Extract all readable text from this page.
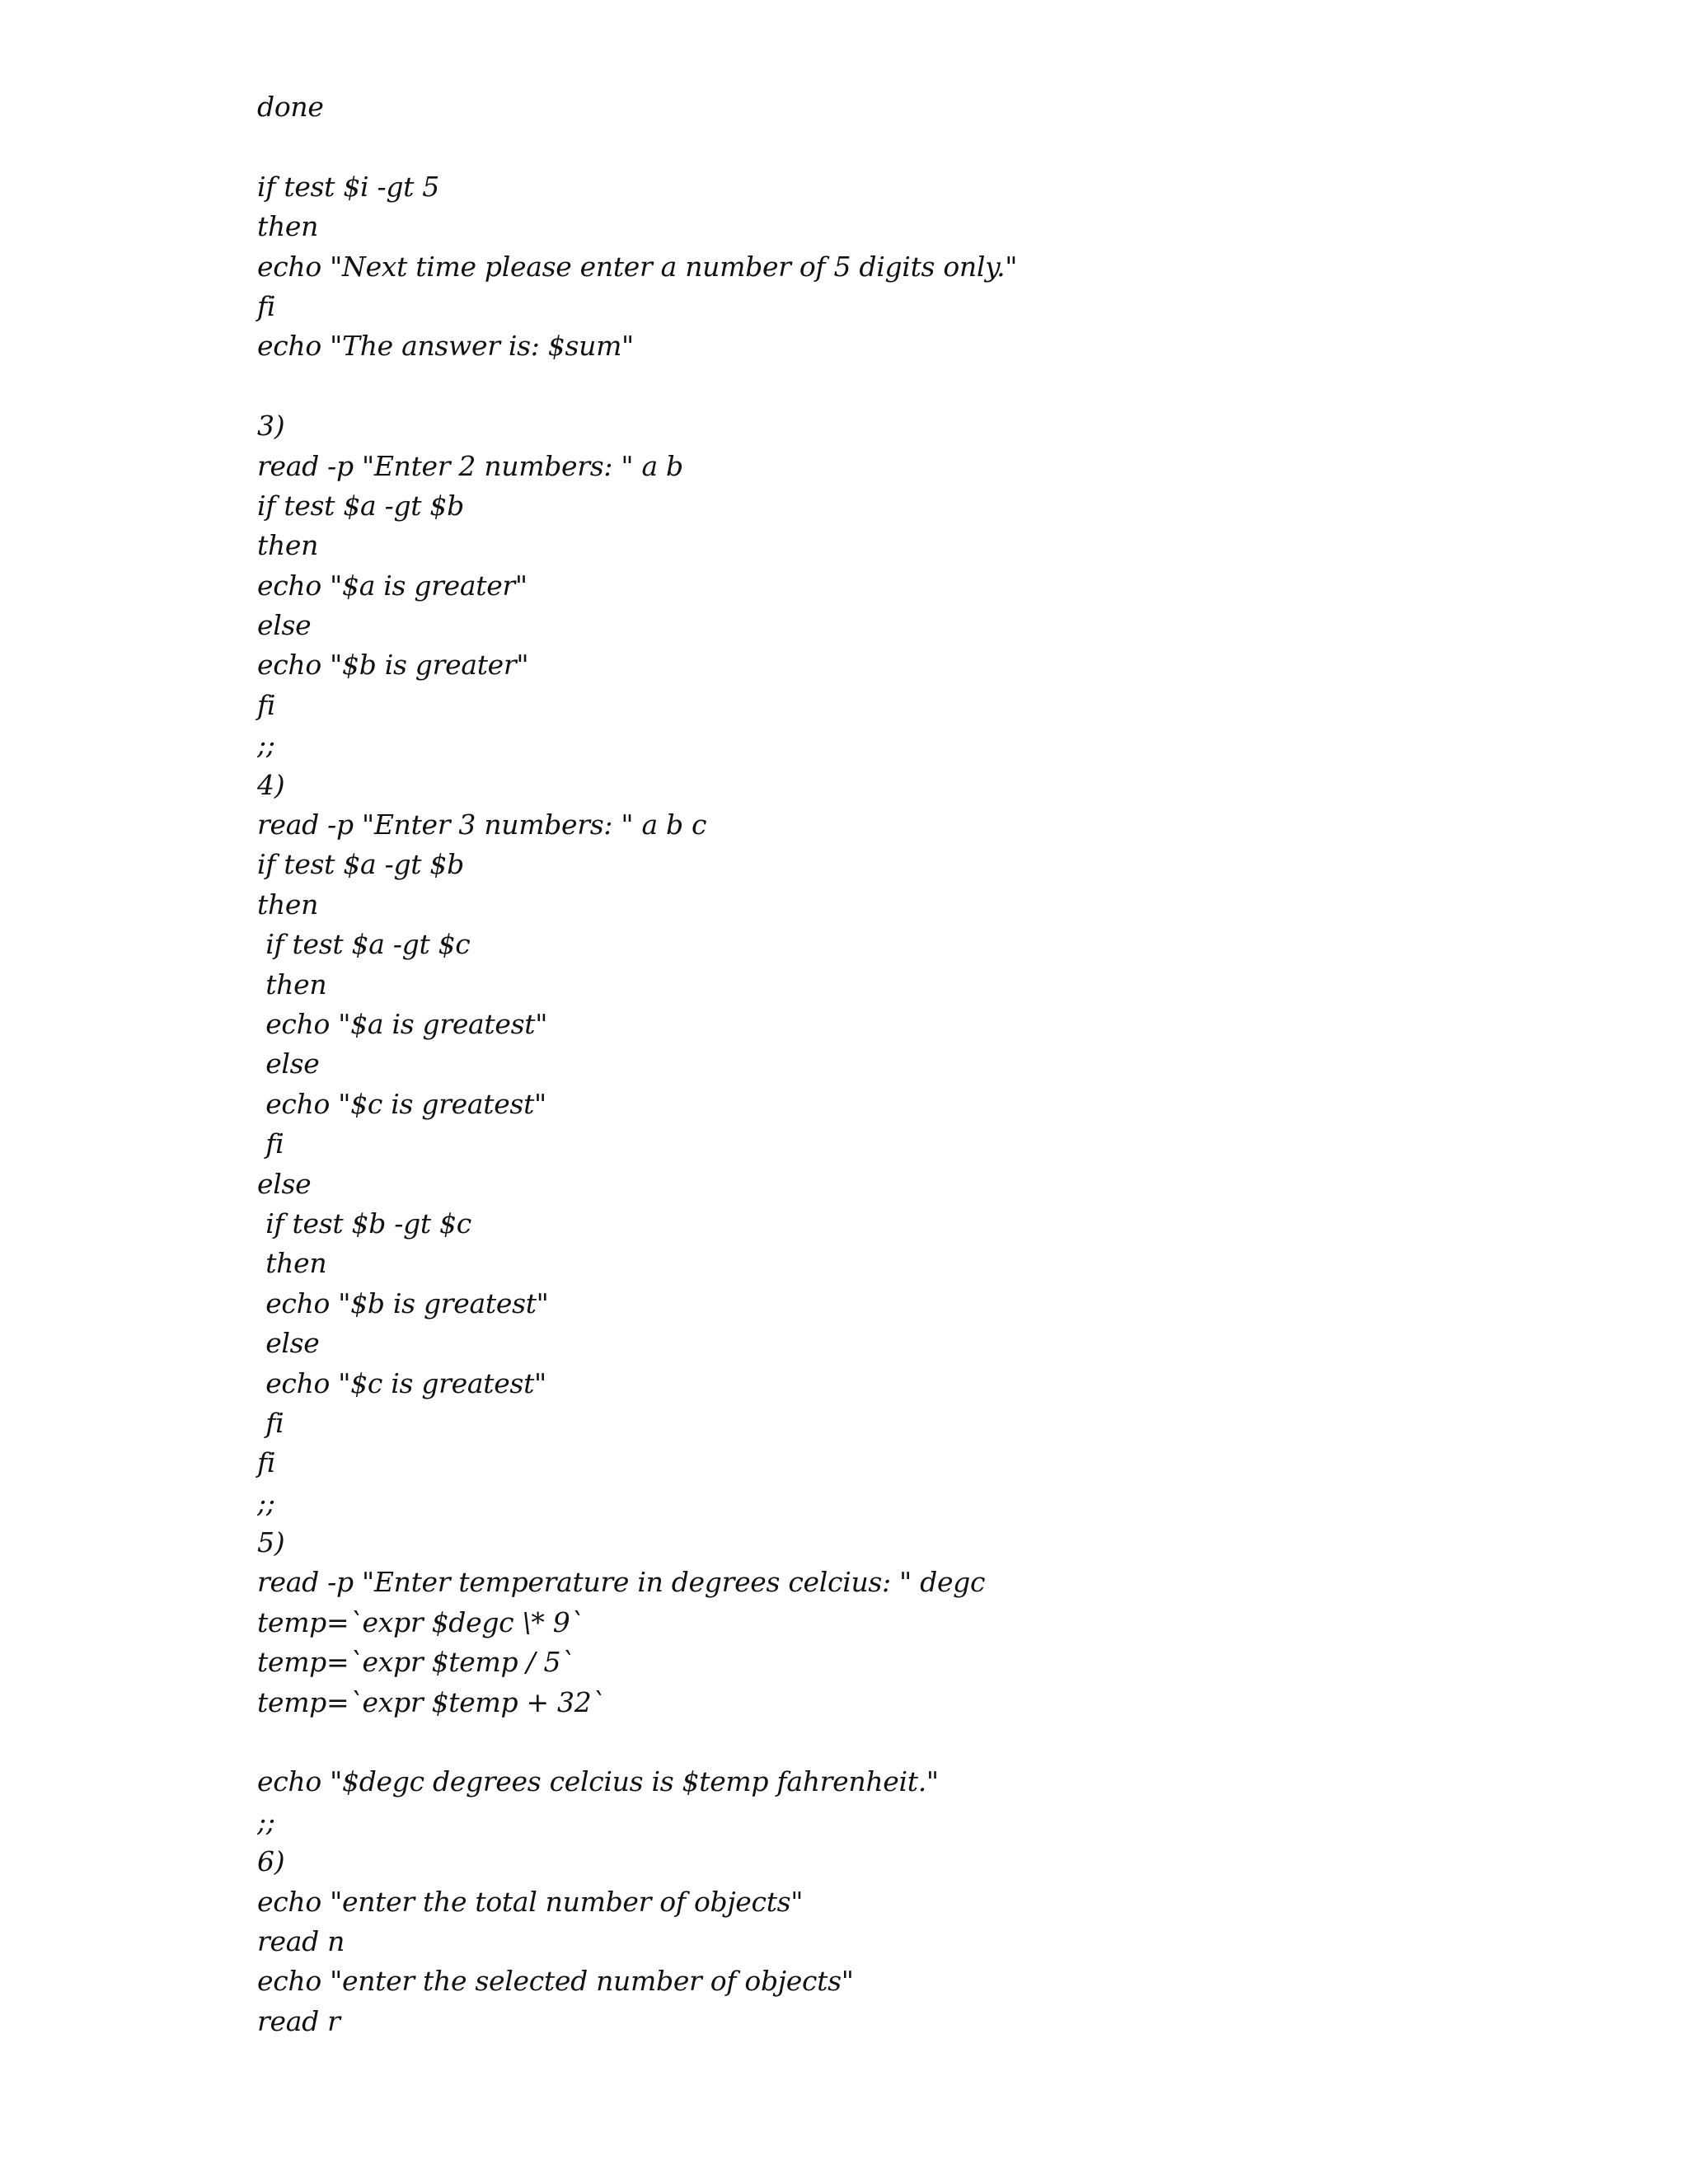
done
if test $i -gt 5
then
echo "Next time please enter a number of 5 digits only."
fi
echo "The answer is: $sum"
3)
read -p "Enter 2 numbers: " a b
if test $a -gt $b
then
echo "$a is greater"
else
echo "$b is greater"
fi
;;
4)
read -p "Enter 3 numbers: " a b c
if test $a -gt $b
then
if test $a -gt $c
then
echo "$a is greatest"
else
echo "$c is greatest"
fi
else
if test $b -gt $c
then
echo "$b is greatest"
else
echo "$c is greatest"
fi
fi
;;
5)
read -p "Enter temperature in degrees celcius: " degc
temp=`expr $degc \* 9`
temp=`expr $temp / 5`
temp=`expr $temp + 32`
echo "$degc degrees celcius is $temp fahrenheit."
;;
6)
echo "enter the total number of objects"
read n
echo "enter the selected number of objects"
read r
